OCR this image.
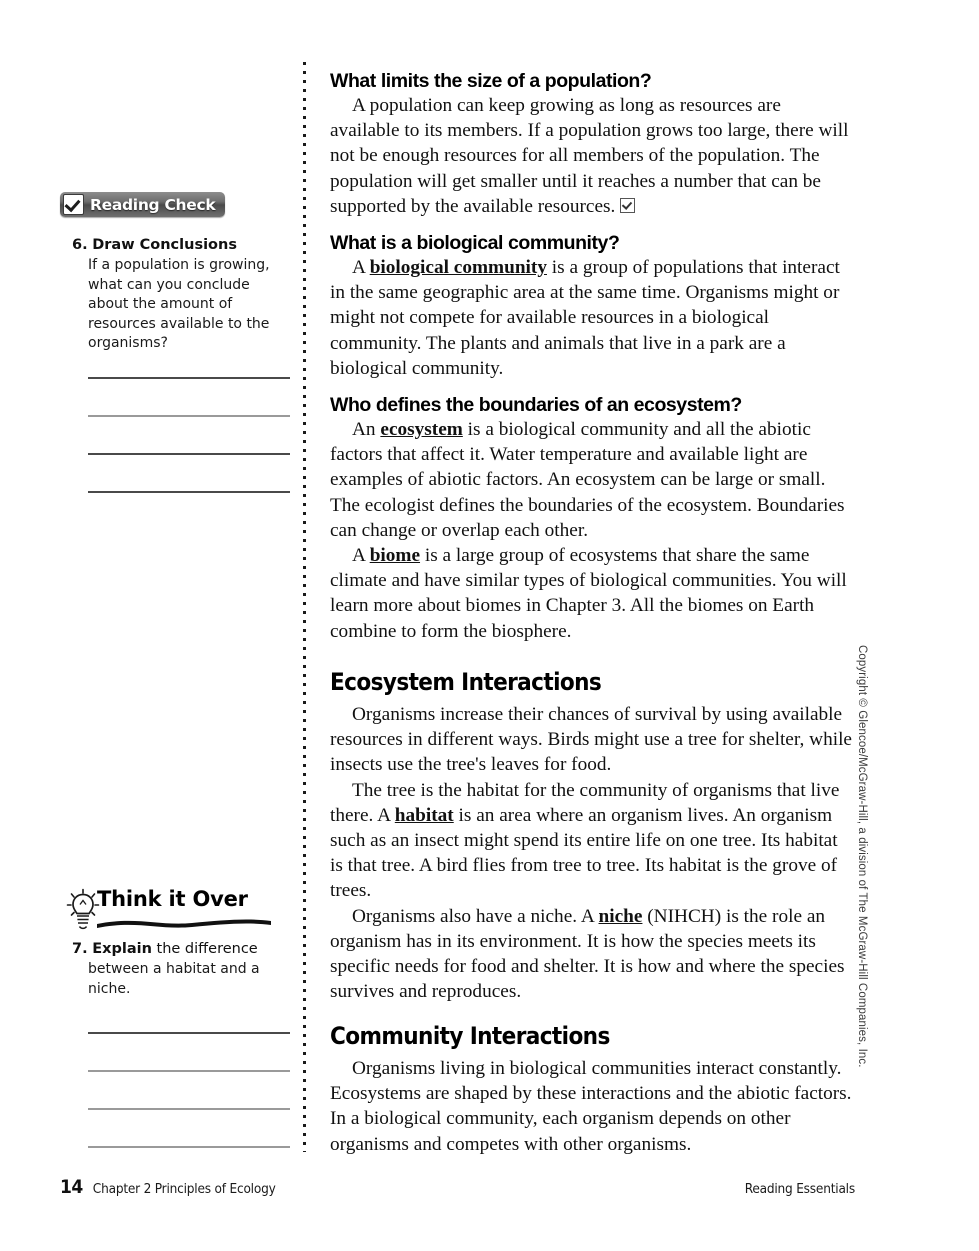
Reading Check

6. Draw Conclusions

If a population is growing, what can you conclude about the amount of resources available to the organisms?

Think it Over

7. Explain the difference

between a habitat and a niche.

What limits the size of a population?

A population can keep growing as long as resources are available to its members. If a population grows too large, there will not be enough resources for all members of the population. The population will get smaller until it reaches a number that can be supported by the available resources.

What is a biological community?

A biological community is a group of populations that interact in the same geographic area at the same time. Organisms might or might not compete for available resources in a biological community. The plants and animals that live in a park are a biological community.

Who defines the boundaries of an ecosystem?

An ecosystem is a biological community and all the abiotic factors that affect it. Water temperature and available light are examples of abiotic factors. An ecosystem can be large or small. The ecologist defines the boundaries of the ecosystem. Boundaries can change or overlap each other.

A biome is a large group of ecosystems that share the same climate and have similar types of biological communities. You will learn more about biomes in Chapter 3. All the biomes on Earth combine to form the biosphere.

Ecosystem Interactions

Organisms increase their chances of survival by using available resources in different ways. Birds might use a tree for shelter, while insects use the tree's leaves for food.

The tree is the habitat for the community of organisms that live there. A habitat is an area where an organism lives. An organism such as an insect might spend its entire life on one tree. Its habitat is that tree. A bird flies from tree to tree. Its habitat is the grove of trees.

Organisms also have a niche. A niche (NIHCH) is the role an organism has in its environment. It is how the species meets its specific needs for food and shelter. It is how and where the species survives and reproduces.

Community Interactions

Organisms living in biological communities interact constantly. Ecosystems are shaped by these interactions and the abiotic factors. In a biological community, each organism depends on other organisms and competes with other organisms.

Copyright © Glencoe/McGraw-Hill, a division of The McGraw-Hill Companies, Inc.
14 Chapter 2 Principles of Ecology	Reading Essentials
